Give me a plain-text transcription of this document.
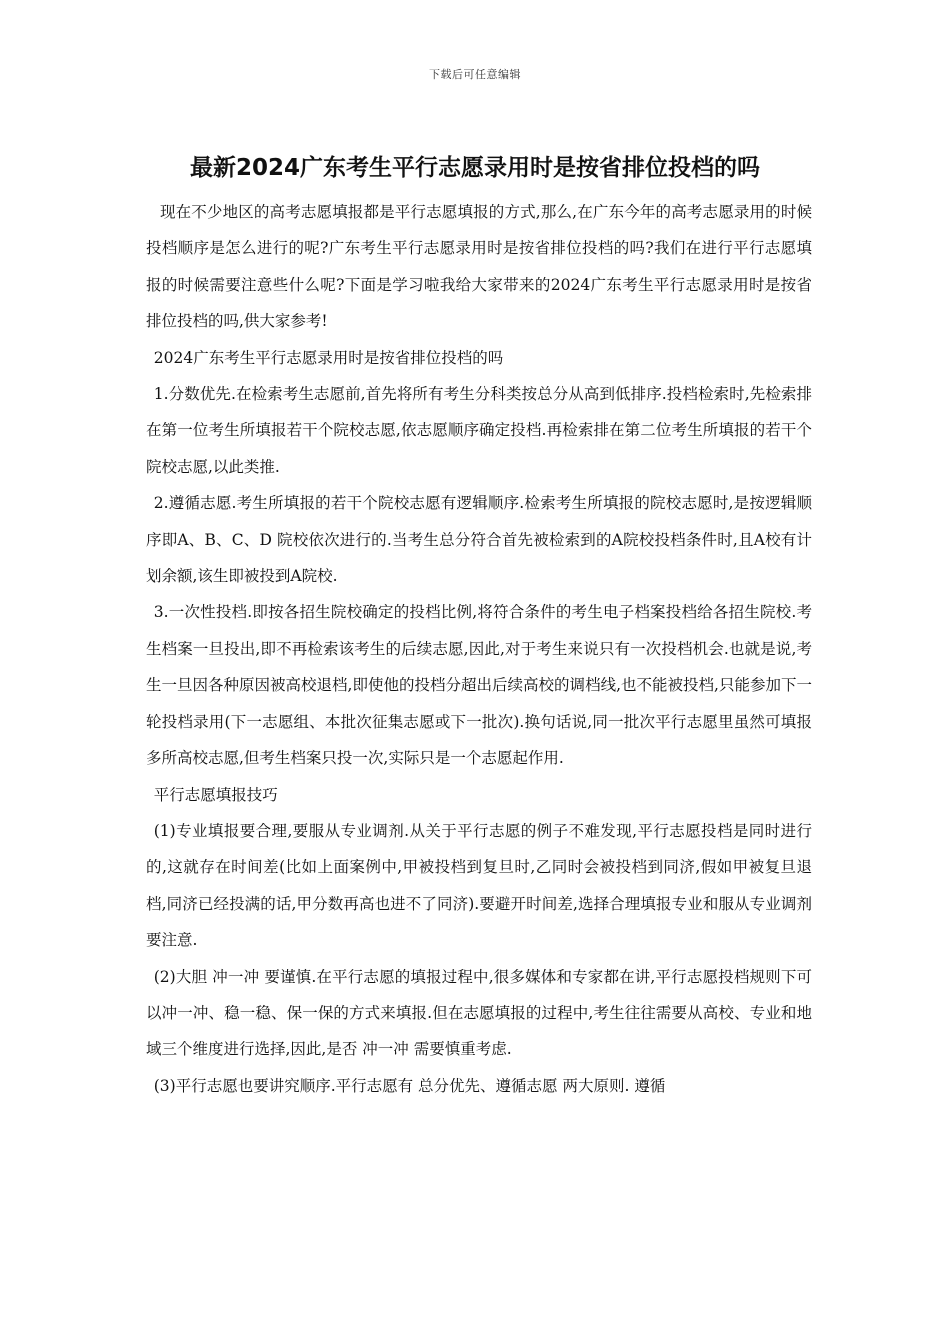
下载后可任意编辑
最新2024广东考生平行志愿录用时是按省排位投档的吗

现在不少地区的高考志愿填报都是平行志愿填报的方式,那么,在广东今年的高考志愿录用的时候投档顺序是怎么进行的呢?广东考生平行志愿录用时是按省排位投档的吗?我们在进行平行志愿填报的时候需要注意些什么呢?下面是学习啦我给大家带来的2024广东考生平行志愿录用时是按省排位投档的吗,供大家参考!

2024广东考生平行志愿录用时是按省排位投档的吗

1.分数优先.在检索考生志愿前,首先将所有考生分科类按总分从高到低排序.投档检索时,先检索排在第一位考生所填报若干个院校志愿,依志愿顺序确定投档.再检索排在第二位考生所填报的若干个院校志愿,以此类推.

2.遵循志愿.考生所填报的若干个院校志愿有逻辑顺序.检索考生所填报的院校志愿时,是按逻辑顺序即A、B、C、D 院校依次进行的.当考生总分符合首先被检索到的A院校投档条件时,且A校有计划余额,该生即被投到A院校.

3.一次性投档.即按各招生院校确定的投档比例,将符合条件的考生电子档案投档给各招生院校.考生档案一旦投出,即不再检索该考生的后续志愿,因此,对于考生来说只有一次投档机会.也就是说,考生一旦因各种原因被高校退档,即使他的投档分超出后续高校的调档线,也不能被投档,只能参加下一轮投档录用(下一志愿组、本批次征集志愿或下一批次).换句话说,同一批次平行志愿里虽然可填报多所高校志愿,但考生档案只投一次,实际只是一个志愿起作用.

平行志愿填报技巧

(1)专业填报要合理,要服从专业调剂.从关于平行志愿的例子不难发现,平行志愿投档是同时进行的,这就存在时间差(比如上面案例中,甲被投档到复旦时,乙同时会被投档到同济,假如甲被复旦退档,同济已经投满的话,甲分数再高也进不了同济).要避开时间差,选择合理填报专业和服从专业调剂要注意.

(2)大胆 冲一冲 要谨慎.在平行志愿的填报过程中,很多媒体和专家都在讲,平行志愿投档规则下可以冲一冲、稳一稳、保一保的方式来填报.但在志愿填报的过程中,考生往往需要从高校、专业和地域三个维度进行选择,因此,是否 冲一冲 需要慎重考虑.

(3)平行志愿也要讲究顺序.平行志愿有 总分优先、遵循志愿 两大原则. 遵循
